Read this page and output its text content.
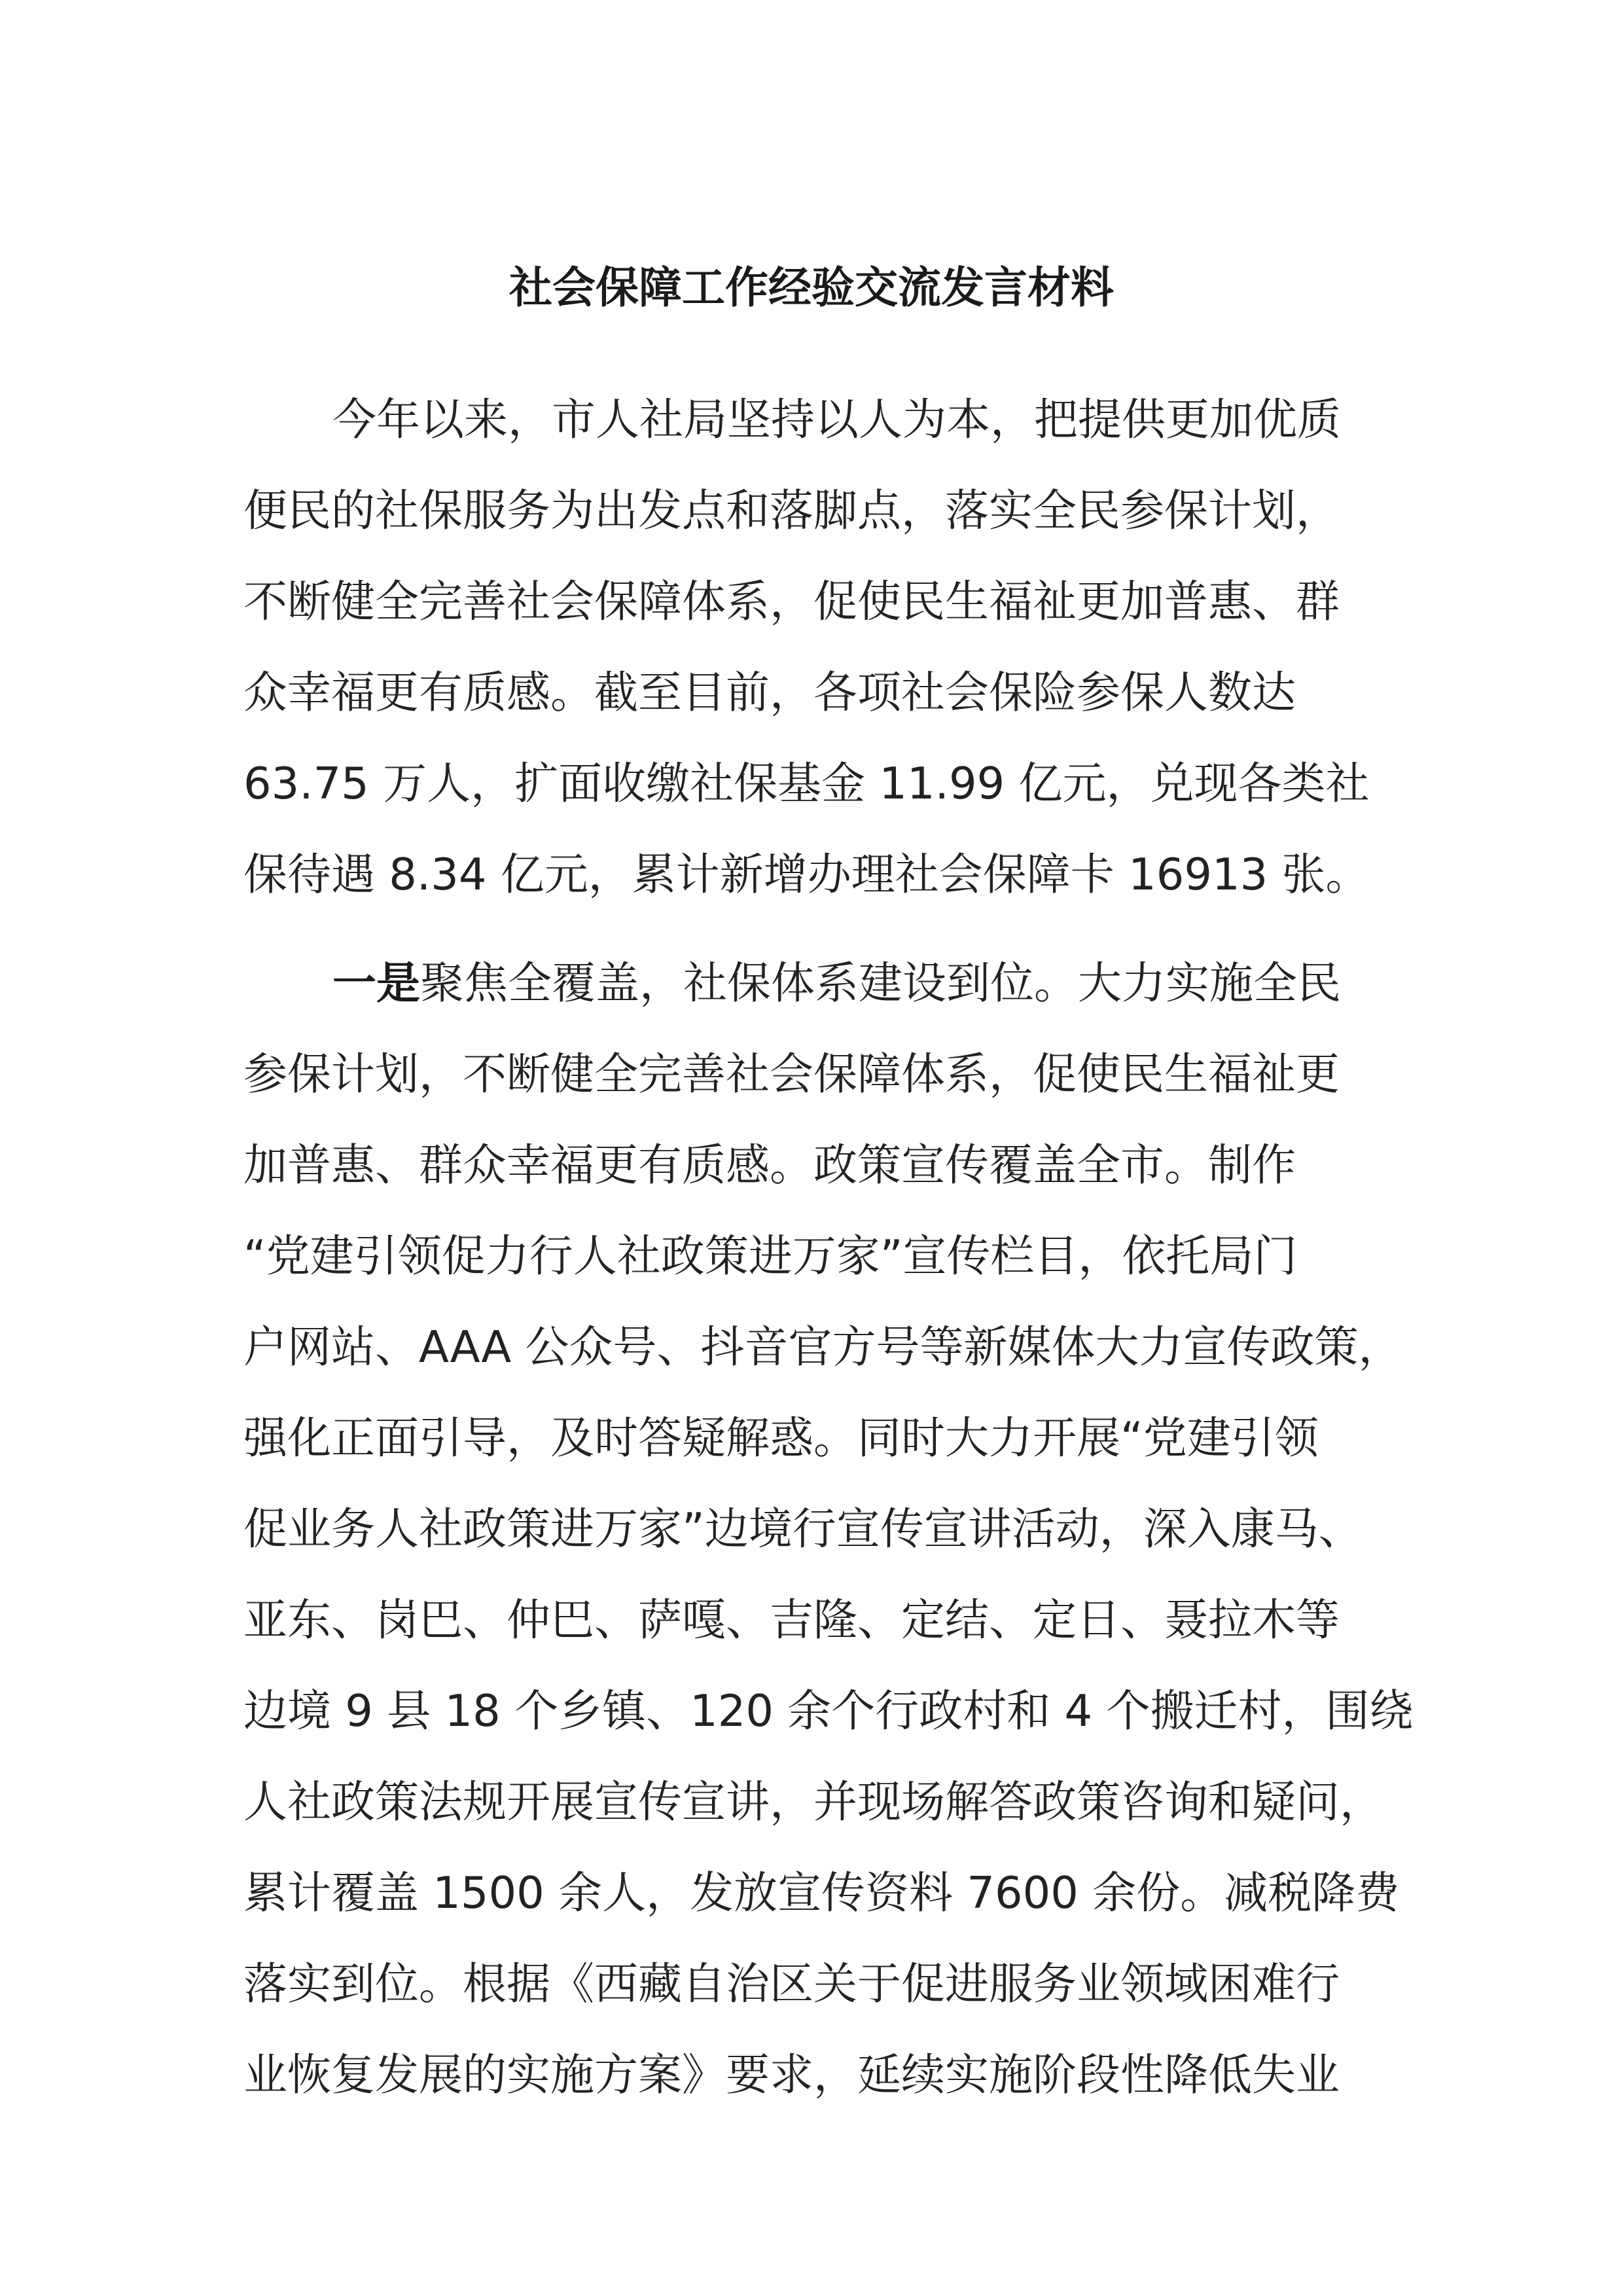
社会保障工作经验交流发言材料
今年以来，市人社局坚持以人为本，把提供更加优质
便民的社保服务为出发点和落脚点，落实全民参保计划，
不断健全完善社会保障体系，促使民生福祉更加普惠、群
众幸福更有质感。截至目前，各项社会保险参保人数达
63.75 万人，扩面收缴社保基金 11.99 亿元，兑现各类社
保待遇 8.34 亿元，累计新增办理社会保障卡 16913 张。
一是聚焦全覆盖，社保体系建设到位。大力实施全民
参保计划，不断健全完善社会保障体系，促使民生福祉更
加普惠、群众幸福更有质感。政策宣传覆盖全市。制作
“党建引领促力行人社政策进万家”宣传栏目，依托局门
户网站、AAA 公众号、抖音官方号等新媒体大力宣传政策，
强化正面引导，及时答疑解惑。同时大力开展“党建引领
促业务人社政策进万家”边境行宣传宣讲活动，深入康马、
亚东、岗巴、仲巴、萨嘎、吉隆、定结、定日、聂拉木等
边境 9 县 18 个乡镇、120 余个行政村和 4 个搬迁村，围绕
人社政策法规开展宣传宣讲，并现场解答政策咨询和疑问，
累计覆盖 1500 余人，发放宣传资料 7600 余份。减税降费
落实到位。根据《西藏自治区关于促进服务业领域困难行
业恢复发展的实施方案》要求，延续实施阶段性降低失业
